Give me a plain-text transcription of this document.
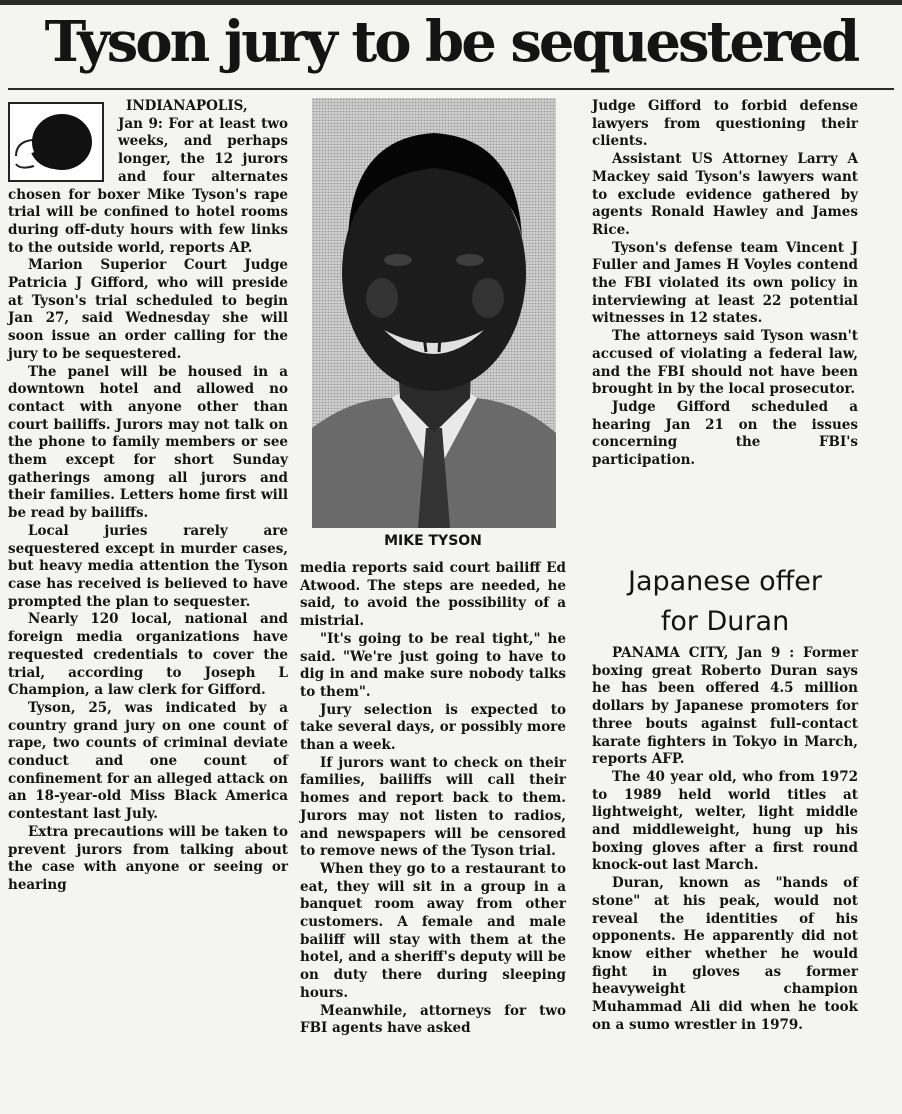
Tyson jury to be sequestered

INDIANAPOLIS,

Jan 9: For at least two weeks, and perhaps longer, the 12 jurors and four alternates chosen for boxer Mike Tyson's rape trial will be confined to hotel rooms during off-duty hours with few links to the outside world, reports AP.

Marion Superior Court Judge Patricia J Gifford, who will preside at Tyson's trial scheduled to begin Jan 27, said Wednesday she will soon issue an order calling for the jury to be sequestered.

The panel will be housed in a downtown hotel and allowed no contact with anyone other than court bailiffs. Jurors may not talk on the phone to family members or see them except for short Sunday gatherings among all jurors and their families. Letters home first will be read by bailiffs.

Local juries rarely are sequestered except in murder cases, but heavy media attention the Tyson case has received is believed to have prompted the plan to sequester.

Nearly 120 local, national and foreign media organizations have requested credentials to cover the trial, according to Joseph L Champion, a law clerk for Gifford.

Tyson, 25, was indicated by a country grand jury on one count of rape, two counts of criminal deviate conduct and one count of confinement for an alleged attack on an 18-year-old Miss Black America contestant last July.

Extra precautions will be taken to prevent jurors from talking about the case with anyone or seeing or hearing

MIKE TYSON

media reports said court bailiff Ed Atwood. The steps are needed, he said, to avoid the possibility of a mistrial.

"It's going to be real tight," he said. "We're just going to have to dig in and make sure nobody talks to them".

Jury selection is expected to take several days, or possibly more than a week.

If jurors want to check on their families, bailiffs will call their homes and report back to them. Jurors may not listen to radios, and newspapers will be censored to remove news of the Tyson trial.

When they go to a restaurant to eat, they will sit in a group in a banquet room away from other customers. A female and male bailiff will stay with them at the hotel, and a sheriff's deputy will be on duty there during sleeping hours.

Meanwhile, attorneys for two FBI agents have asked

Judge Gifford to forbid defense lawyers from questioning their clients.

Assistant US Attorney Larry A Mackey said Tyson's lawyers want to exclude evidence gathered by agents Ronald Hawley and James Rice.

Tyson's defense team Vincent J Fuller and James H Voyles contend the FBI violated its own policy in interviewing at least 22 potential witnesses in 12 states.

The attorneys said Tyson wasn't accused of violating a federal law, and the FBI should not have been brought in by the local prosecutor.

Judge Gifford scheduled a hearing Jan 21 on the issues concerning the FBI's participation.

Japanese offer
for Duran

PANAMA CITY, Jan 9 : Former boxing great Roberto Duran says he has been offered 4.5 million dollars by Japanese promoters for three bouts against full-contact karate fighters in Tokyo in March, reports AFP.

The 40 year old, who from 1972 to 1989 held world titles at lightweight, welter, light middle and middleweight, hung up his boxing gloves after a first round knock-out last March.

Duran, known as "hands of stone" at his peak, would not reveal the identities of his opponents. He apparently did not know either whether he would fight in gloves as former heavyweight champion Muhammad Ali did when he took on a sumo wrestler in 1979.
